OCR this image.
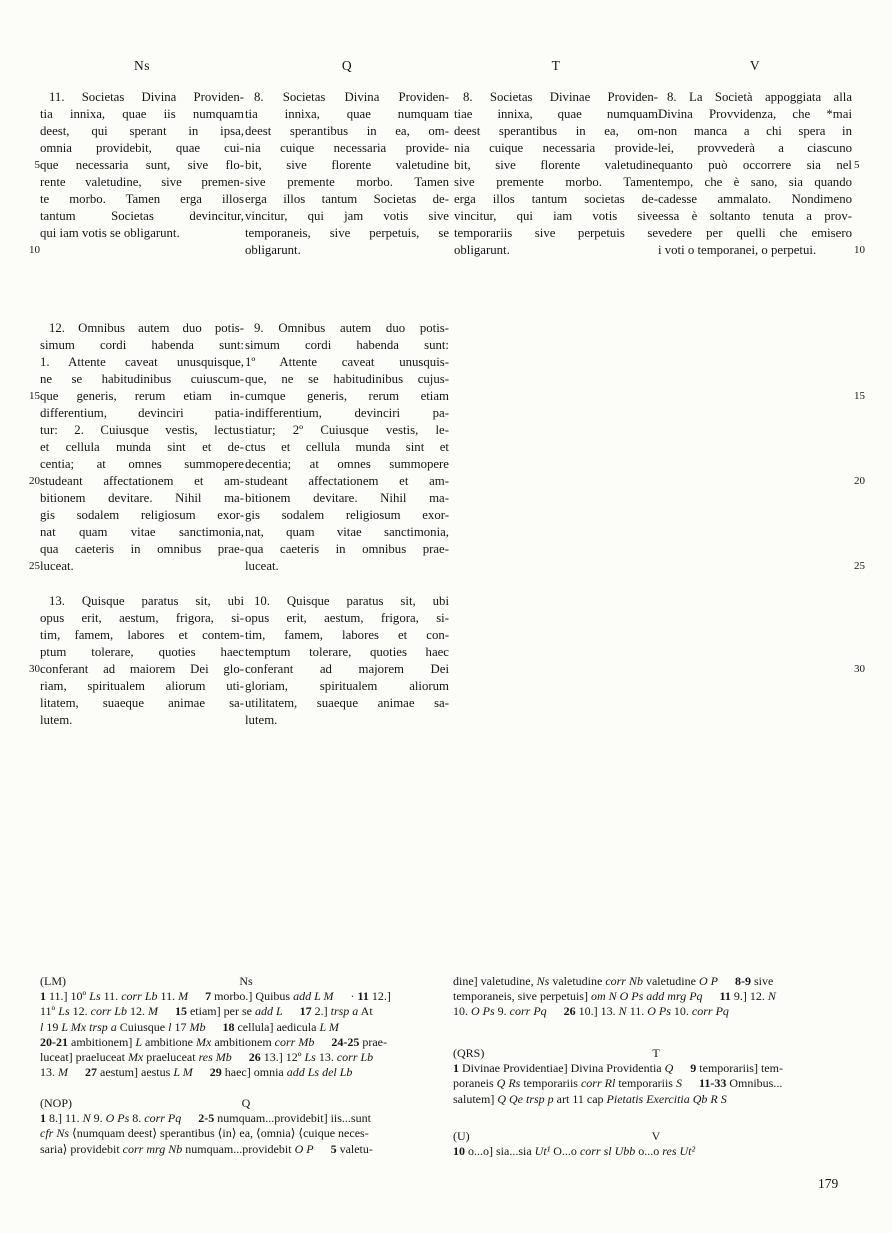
Ns	Q	T	V
5
10
15
20
25
30
5
10
15
20
25
30
11. Societas Divina Providen-
tia innixa, quae iis numquam
deest, qui sperant in ipsa,
omnia providebit, quae cui-
que necessaria sunt, sive flo-
rente valetudine, sive premen-
te morbo. Tamen erga illos
tantum Societas devincitur,
qui iam votis se obligarunt.
12. Omnibus autem duo potis-
simum cordi habenda sunt:
1. Attente caveat unusquisque,
ne se habitudinibus cuiuscum-
que generis, rerum etiam in-
differentium, devinciri patia-
tur: 2. Cuiusque vestis, lectus
et cellula munda sint et de-
centia; at omnes summopere
studeant affectationem et am-
bitionem devitare. Nihil ma-
gis sodalem religiosum exor-
nat quam vitae sanctimonia,
qua caeteris in omnibus prae-
luceat.
13. Quisque paratus sit, ubi
opus erit, aestum, frigora, si-
tim, famem, labores et contem-
ptum tolerare, quoties haec
conferant ad maiorem Dei glo-
riam, spiritualem aliorum uti-
litatem, suaeque animae sa-
lutem.
8. Societas Divina Providen-
tia innixa, quae numquam
deest sperantibus in ea, om-
nia cuique necessaria provide-
bit, sive florente valetudine
sive premente morbo. Tamen
erga illos tantum Societas de-
vincitur, qui jam votis sive
temporaneis, sive perpetuis, se
obligarunt.
9. Omnibus autem duo potis-
simum cordi habenda sunt:
1º Attente caveat unusquis-
que, ne se habitudinibus cujus-
cumque generis, rerum etiam
indifferentium, devinciri pa-
tiatur; 2º Cuiusque vestis, le-
ctus et cellula munda sint et
decentia; at omnes summopere
studeant affectationem et am-
bitionem devitare. Nihil ma-
gis sodalem religiosum exor-
nat, quam vitae sanctimonia,
qua caeteris in omnibus prae-
luceat.
10. Quisque paratus sit, ubi
opus erit, aestum, frigora, si-
tim, famem, labores et con-
temptum tolerare, quoties haec
conferant ad majorem Dei
gloriam, spiritualem aliorum
utilitatem, suaeque animae sa-
lutem.
8. Societas Divinae Providen-
tiae innixa, quae numquam
deest sperantibus in ea, om-
nia cuique necessaria provide-
bit, sive florente valetudine
sive premente morbo. Tamen
erga illos tantum societas de-
vincitur, qui iam votis sive
temporariis sive perpetuis se
obligarunt.
8. La Società appoggiata alla
Divina Provvidenza, che *mai
non manca a chi spera in
lei, provvederà a ciascuno
quanto può occorrere sia nel
tempo, che è sano, sia quando
cadesse ammalato. Nondimeno
essa è soltanto tenuta a prov-
vedere per quelli che emisero
i voti o temporanei, o perpetui.
(LM)	Ns
1 11.] 10º Ls 11. corr Lb 11. M 7 morbo.] Quibus add L M · 11 12.]
11º Ls 12. corr Lb 12. M 15 etiam] per se add L 17 2.] trsp a At
l 19 L Mx trsp a Cuiusque l 17 Mb 18 cellula] aedicula L M
20-21 ambitionem] L ambitione Mx ambitionem corr Mb 24-25 prae-
luceat] praeluceat Mx praeluceat res Mb 26 13.] 12º Ls 13. corr Lb
13. M 27 aestum] aestus L M 29 haec] omnia add Ls del Lb
(NOP)	Q
1 8.] 11. N 9. O Ps 8. corr Pq 2-5 numquam...providebit] iis...sunt
cfr Ns ⟨numquam deest⟩ sperantibus ⟨in⟩ ea, ⟨omnia⟩ ⟨cuique neces-
saria⟩ providebit corr mrg Nb numquam...providebit O P 5 valetu-
dine] valetudine, Ns valetudine corr Nb valetudine O P 8-9 sive
temporaneis, sive perpetuis] om N O Ps add mrg Pq 11 9.] 12. N
10. O Ps 9. corr Pq 26 10.] 13. N 11. O Ps 10. corr Pq
(QRS)	T
1 Divinae Providentiae] Divina Providentia Q 9 temporariis] tem-
poraneis Q Rs temporariis corr Rl temporariis S 11-33 Omnibus...
salutem] Q Qe trsp p art 11 cap Pietatis Exercitia Qb R S
(U)	V
10 o...o] sia...sia Ut¹ O...o corr sl Ubb o...o res Ut²
179
